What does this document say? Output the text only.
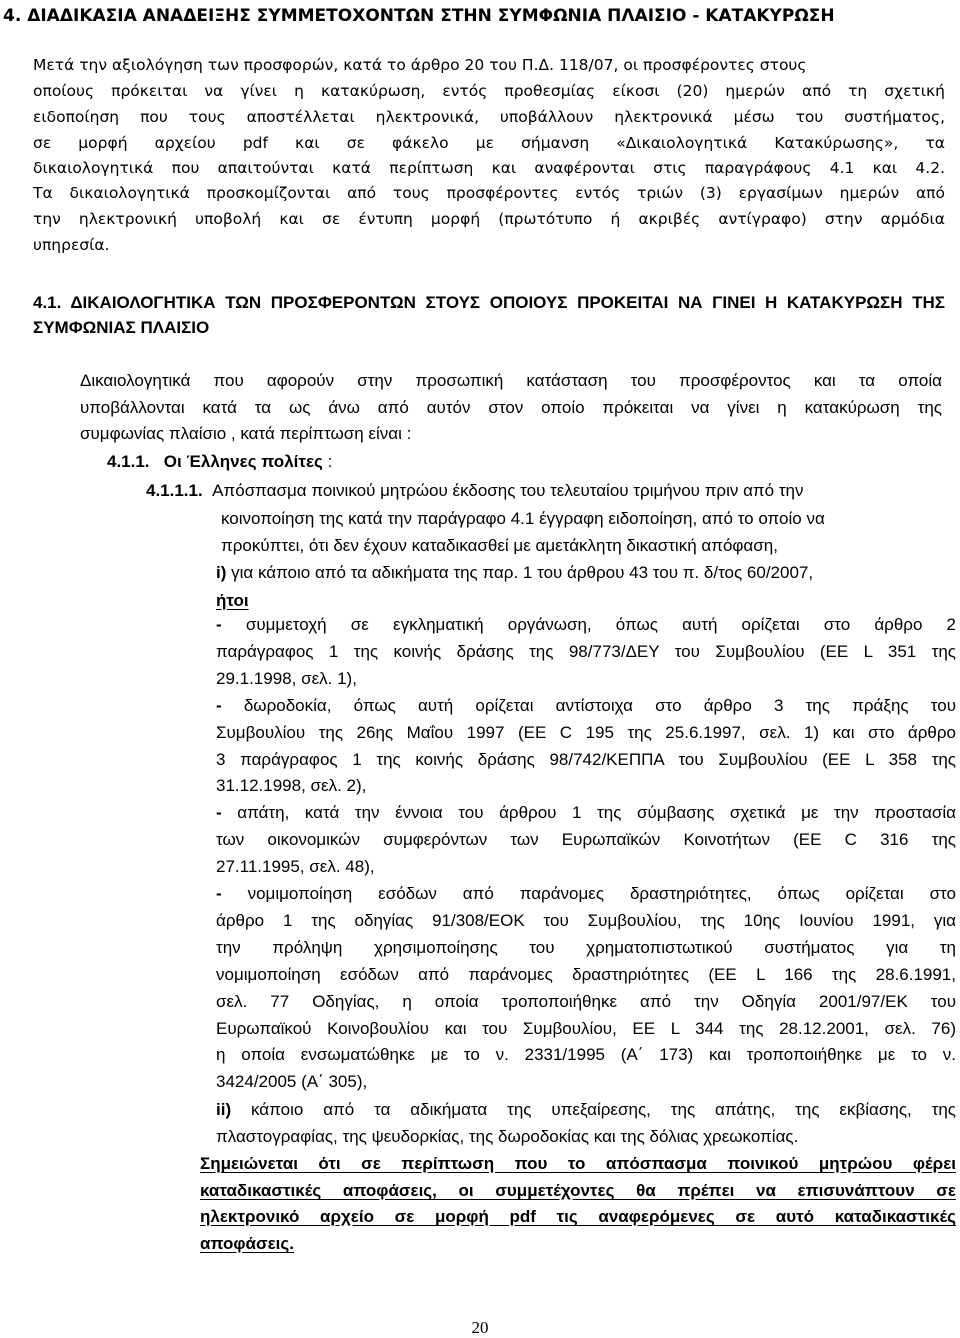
4. ΔΙΑΔΙΚΑΣΙΑ ΑΝΑΔΕΙΞΗΣ ΣΥΜΜΕΤΟΧΟΝΤΩΝ ΣΤΗΝ ΣΥΜΦΩΝΙΑ ΠΛΑΙΣΙΟ - ΚΑΤΑΚΥΡΩΣΗ
Μετά την αξιολόγηση των προσφορών, κατά το άρθρο 20 του Π.Δ. 118/07, οι προσφέροντες στους
οποίους πρόκειται να γίνει η κατακύρωση, εντός προθεσμίας είκοσι (20) ημερών από τη σχετική
ειδοποίηση που τους αποστέλλεται ηλεκτρονικά, υποβάλλουν ηλεκτρονικά μέσω του συστήματος,
σε μορφή αρχείου pdf και σε φάκελο με σήμανση «Δικαιολογητικά Κατακύρωσης», τα
δικαιολογητικά που απαιτούνται κατά περίπτωση και αναφέρονται στις παραγράφους 4.1 και 4.2.
Τα δικαιολογητικά προσκομίζονται από τους προσφέροντες εντός τριών (3) εργασίμων ημερών από
την ηλεκτρονική υποβολή και σε έντυπη μορφή (πρωτότυπο ή ακριβές αντίγραφο) στην αρμόδια
υπηρεσία.
4.1. ΔΙΚΑΙΟΛΟΓΗΤΙΚΑ ΤΩΝ ΠΡΟΣΦΕΡΟΝΤΩΝ ΣΤΟΥΣ ΟΠΟΙΟΥΣ ΠΡΟΚΕΙΤΑΙ ΝΑ ΓΙΝΕΙ Η ΚΑΤΑΚΥΡΩΣΗ ΤΗΣ
ΣΥΜΦΩΝΙΑΣ ΠΛΑΙΣΙΟ
Δικαιολογητικά που αφορούν στην προσωπική κατάσταση του προσφέροντος και τα οποία
υποβάλλονται κατά τα ως άνω από αυτόν στον οποίο πρόκειται να γίνει η κατακύρωση της
συμφωνίας πλαίσιο , κατά περίπτωση είναι :
4.1.1. Οι Έλληνες πολίτες :
4.1.1.1. Απόσπασμα ποινικού μητρώου έκδοσης του τελευταίου τριμήνου πριν από την
κοινοποίηση της κατά την παράγραφο 4.1 έγγραφη ειδοποίηση, από το οποίο να
προκύπτει, ότι δεν έχουν καταδικασθεί με αμετάκλητη δικαστική απόφαση,
i) για κάποιο από τα αδικήματα της παρ. 1 του άρθρου 43 του π. δ/τος 60/2007,
ήτοι
- συμμετοχή σε εγκληματική οργάνωση, όπως αυτή ορίζεται στο άρθρο 2
παράγραφος 1 της κοινής δράσης της 98/773/ΔΕΥ του Συμβουλίου (ΕΕ L 351 της
29.1.1998, σελ. 1),
- δωροδοκία, όπως αυτή ορίζεται αντίστοιχα στο άρθρο 3 της πράξης του
Συμβουλίου της 26ης Μαΐου 1997 (ΕΕ C 195 της 25.6.1997, σελ. 1) και στο άρθρο
3 παράγραφος 1 της κοινής δράσης 98/742/ΚΕΠΠΑ του Συμβουλίου (ΕΕ L 358 της
31.12.1998, σελ. 2),
- απάτη, κατά την έννοια του άρθρου 1 της σύμβασης σχετικά με την προστασία
των οικονομικών συμφερόντων των Ευρωπαϊκών Κοινοτήτων (ΕΕ C 316 της
27.11.1995, σελ. 48),
- νομιμοποίηση εσόδων από παράνομες δραστηριότητες, όπως ορίζεται στο
άρθρο 1 της οδηγίας 91/308/ΕΟΚ του Συμβουλίου, της 10ης Ιουνίου 1991, για
την πρόληψη χρησιμοποίησης του χρηματοπιστωτικού συστήματος για τη
νομιμοποίηση εσόδων από παράνομες δραστηριότητες (ΕΕ L 166 της 28.6.1991,
σελ. 77 Οδηγίας, η οποία τροποποιήθηκε από την Οδηγία 2001/97/ΕΚ του
Ευρωπαϊκού Κοινοβουλίου και του Συμβουλίου, ΕΕ L 344 της 28.12.2001, σελ. 76)
η οποία ενσωματώθηκε με το ν. 2331/1995 (Α΄ 173) και τροποποιήθηκε με το ν.
3424/2005 (Α΄ 305),
ii) κάποιο από τα αδικήματα της υπεξαίρεσης, της απάτης, της εκβίασης, της
πλαστογραφίας, της ψευδορκίας, της δωροδοκίας και της δόλιας χρεωκοπίας.
Σημειώνεται ότι σε περίπτωση που το απόσπασμα ποινικού μητρώου φέρει
καταδικαστικές αποφάσεις, οι συμμετέχοντες θα πρέπει να επισυνάπτουν σε
ηλεκτρονικό αρχείο σε μορφή pdf τις αναφερόμενες σε αυτό καταδικαστικές
αποφάσεις.
20
